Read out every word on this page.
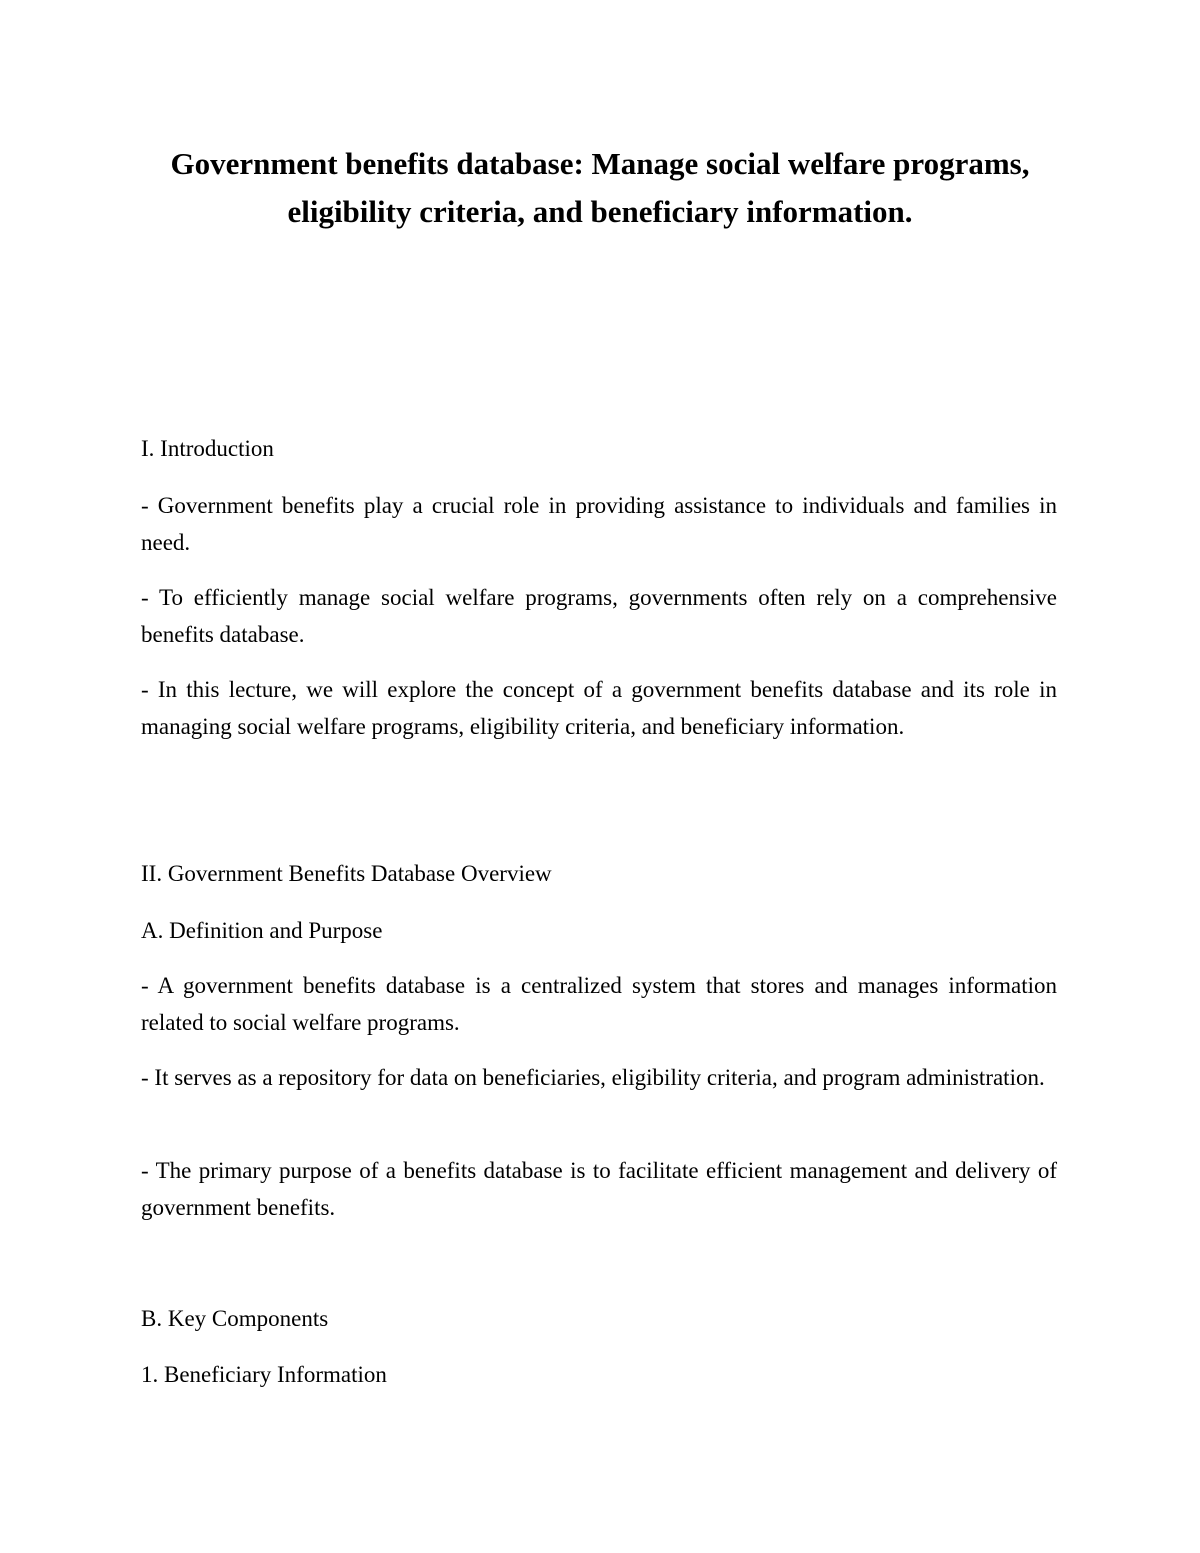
Government benefits database: Manage social welfare programs, eligibility criteria, and beneficiary information.

I. Introduction

- Government benefits play a crucial role in providing assistance to individuals and families in need.

- To efficiently manage social welfare programs, governments often rely on a comprehensive benefits database.

- In this lecture, we will explore the concept of a government benefits database and its role in managing social welfare programs, eligibility criteria, and beneficiary information.

II. Government Benefits Database Overview

A. Definition and Purpose

- A government benefits database is a centralized system that stores and manages information related to social welfare programs.

- It serves as a repository for data on beneficiaries, eligibility criteria, and program administration.

- The primary purpose of a benefits database is to facilitate efficient management and delivery of government benefits.

B. Key Components

1. Beneficiary Information
